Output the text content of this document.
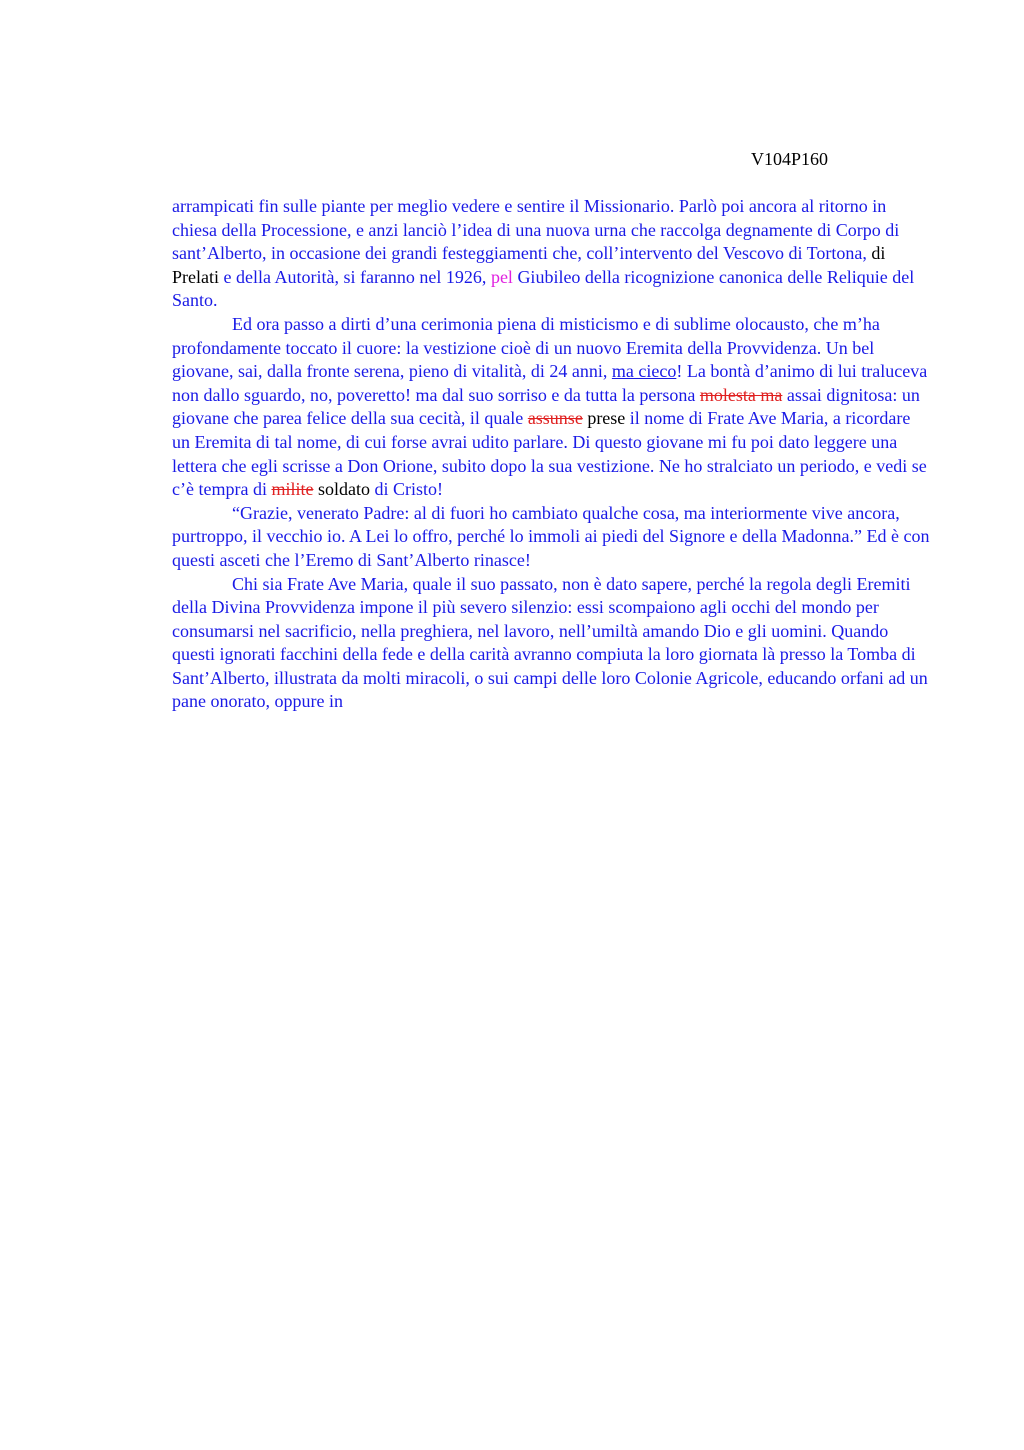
V104P160

arrampicati fin sulle piante per meglio vedere e sentire il Missionario. Parlò poi ancora al ritorno in chiesa della Processione, e anzi lanciò l’idea di una nuova urna che raccolga degnamente di Corpo di sant’Alberto, in occasione dei grandi festeggiamenti che, coll’intervento del Vescovo di Tortona, di Prelati e della Autorità, si faranno nel 1926, pel Giubileo della ricognizione canonica delle Reliquie del Santo.

Ed ora passo a dirti d’una cerimonia piena di misticismo e di sublime olocausto, che m’ha profondamente toccato il cuore: la vestizione cioè di un nuovo Eremita della Provvidenza. Un bel giovane, sai, dalla fronte serena, pieno di vitalità, di 24 anni, ma cieco! La bontà d’animo di lui traluceva non dallo sguardo, no, poveretto! ma dal suo sorriso e da tutta la persona molesta ma assai dignitosa: un giovane che parea felice della sua cecità, il quale assunse prese il nome di Frate Ave Maria, a ricordare un Eremita di tal nome, di cui forse avrai udito parlare. Di questo giovane mi fu poi dato leggere una lettera che egli scrisse a Don Orione, subito dopo la sua vestizione. Ne ho stralciato un periodo, e vedi se c’è tempra di milite soldato di Cristo!

“Grazie, venerato Padre: al di fuori ho cambiato qualche cosa, ma interiormente vive ancora, purtroppo, il vecchio io. A Lei lo offro, perché lo immoli ai piedi del Signore e della Madonna.” Ed è con questi asceti che l’Eremo di Sant’Alberto rinasce!

Chi sia Frate Ave Maria, quale il suo passato, non è dato sapere, perché la regola degli Eremiti della Divina Provvidenza impone il più severo silenzio: essi scompaiono agli occhi del mondo per consumarsi nel sacrificio, nella preghiera, nel lavoro, nell’umiltà amando Dio e gli uomini. Quando questi ignorati facchini della fede e della carità avranno compiuta la loro giornata là presso la Tomba di Sant’Alberto, illustrata da molti miracoli, o sui campi delle loro Colonie Agricole, educando orfani ad un pane onorato, oppure in
